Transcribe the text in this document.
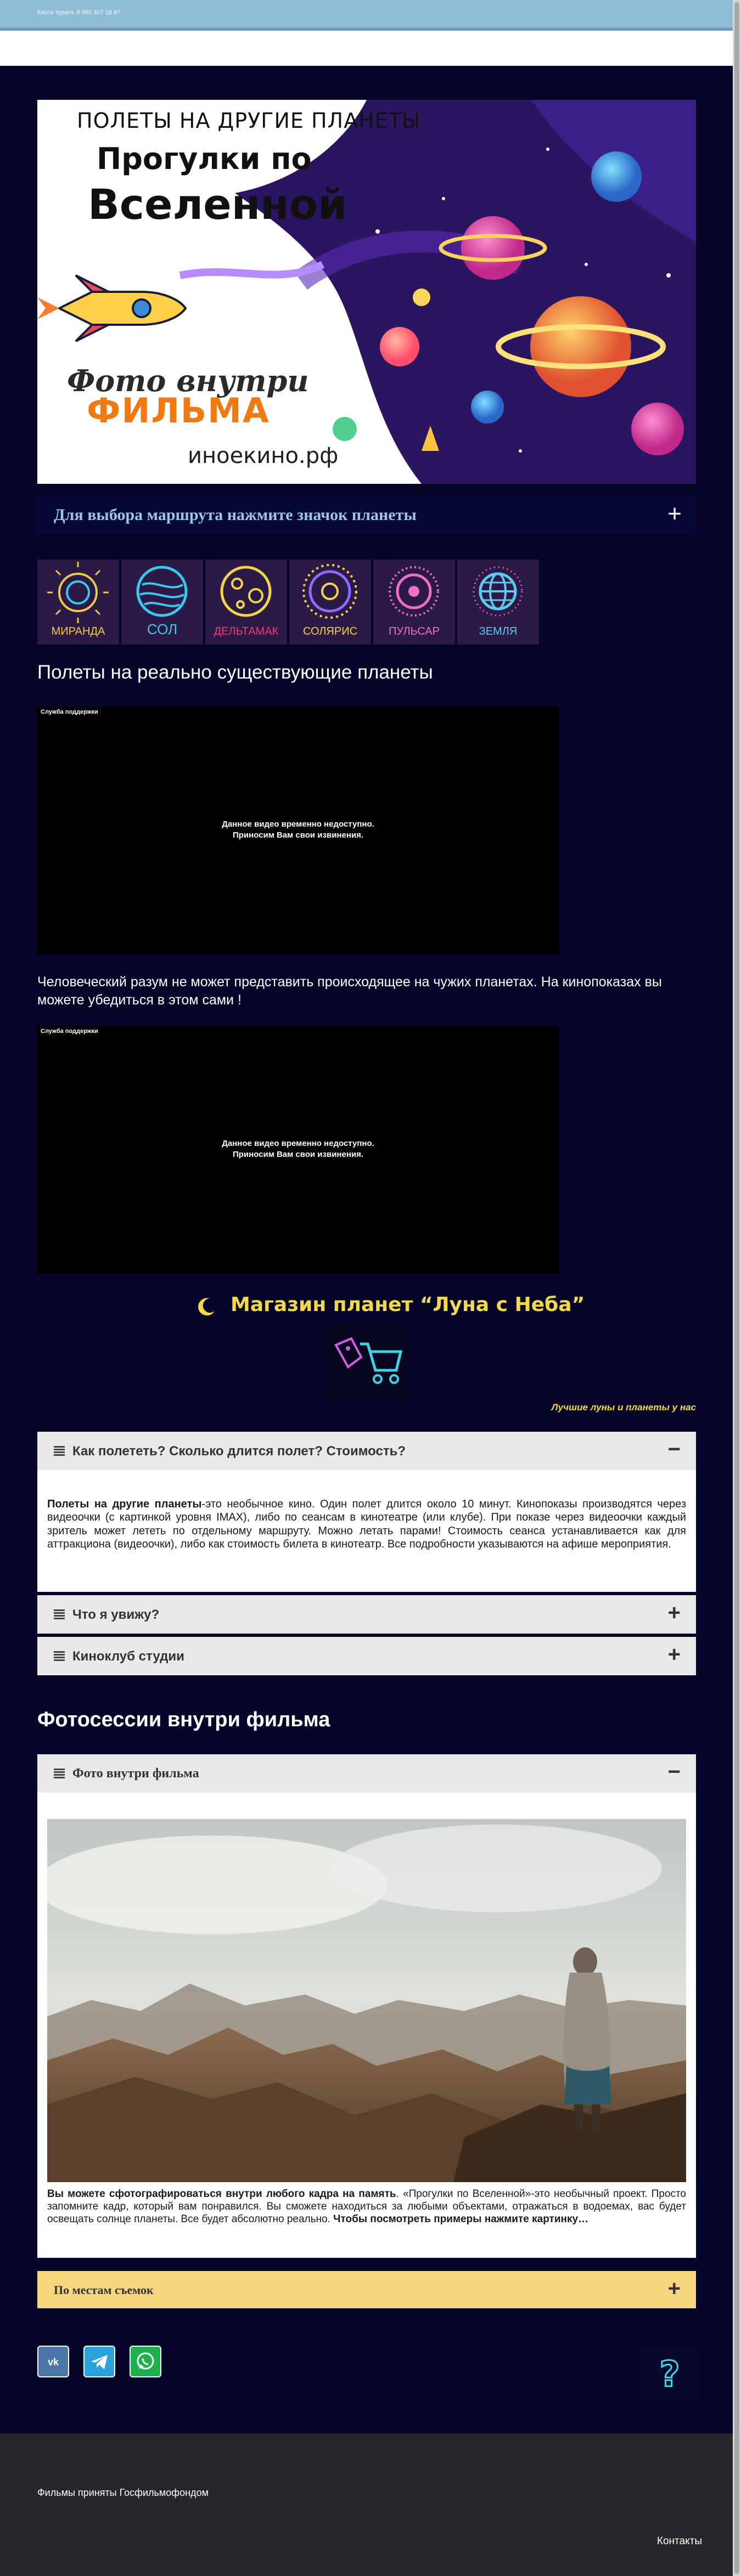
Касса турагн. 8 980 307 18 87
ПОЛЕТЫ НА ДРУГИЕ ПЛАНЕТЫ
Прогулки по
Вселенной
Фото внутри
ФИЛЬМА
иноекино.рф
Для выбора маршрута нажмите значок планеты	+
МИРАНДА	СОЛ	ДЕЛЬТАМАК	СОЛЯРИС	ПУЛЬСАР	ЗЕМЛЯ
Полеты на реально существующие планеты
Служба поддержки
Данное видео временно недоступно.
Приносим Вам свои извинения.
Человеческий разум не может представить происходящее на чужих планетах. На кинопоказах вы можете убедиться в этом сами !
Служба поддержки
Данное видео временно недоступно.
Приносим Вам свои извинения.
Магазин планет “Луна с Неба”
Лучшие луны и планеты у нас
Как полететь? Сколько длится полет? Стоимость?	−
Полеты на другие планеты-это необычное кино. Один полет длится около 10 минут. Кинопоказы производятся через видеоочки (с картинкой уровня IMAX), либо по сеансам в кинотеатре (или клубе). При показе через видеоочки каждый зритель может лететь по отдельному маршруту. Можно летать парами! Стоимость сеанса устанавливается как для аттракциона (видеоочки), либо как стоимость билета в кинотеатр. Все подробности указываются на афише мероприятия.
Что я увижу?	+
Киноклуб студии	+
Фотосессии внутри фильма
Фото внутри фильма	−
Вы можете сфотографироваться внутри любого кадра на память. «Прогулки по Вселенной»-это необычный проект. Просто запомните кадр, который вам понравился. Вы сможете находиться за любыми объектами, отражаться в водоемах, вас будет освещать солнце планеты. Все будет абсолютно реально. Чтобы посмотреть примеры нажмите картинку…
По местам съемок	+
vk	?
Фильмы приняты Госфильмофондом
Контакты
